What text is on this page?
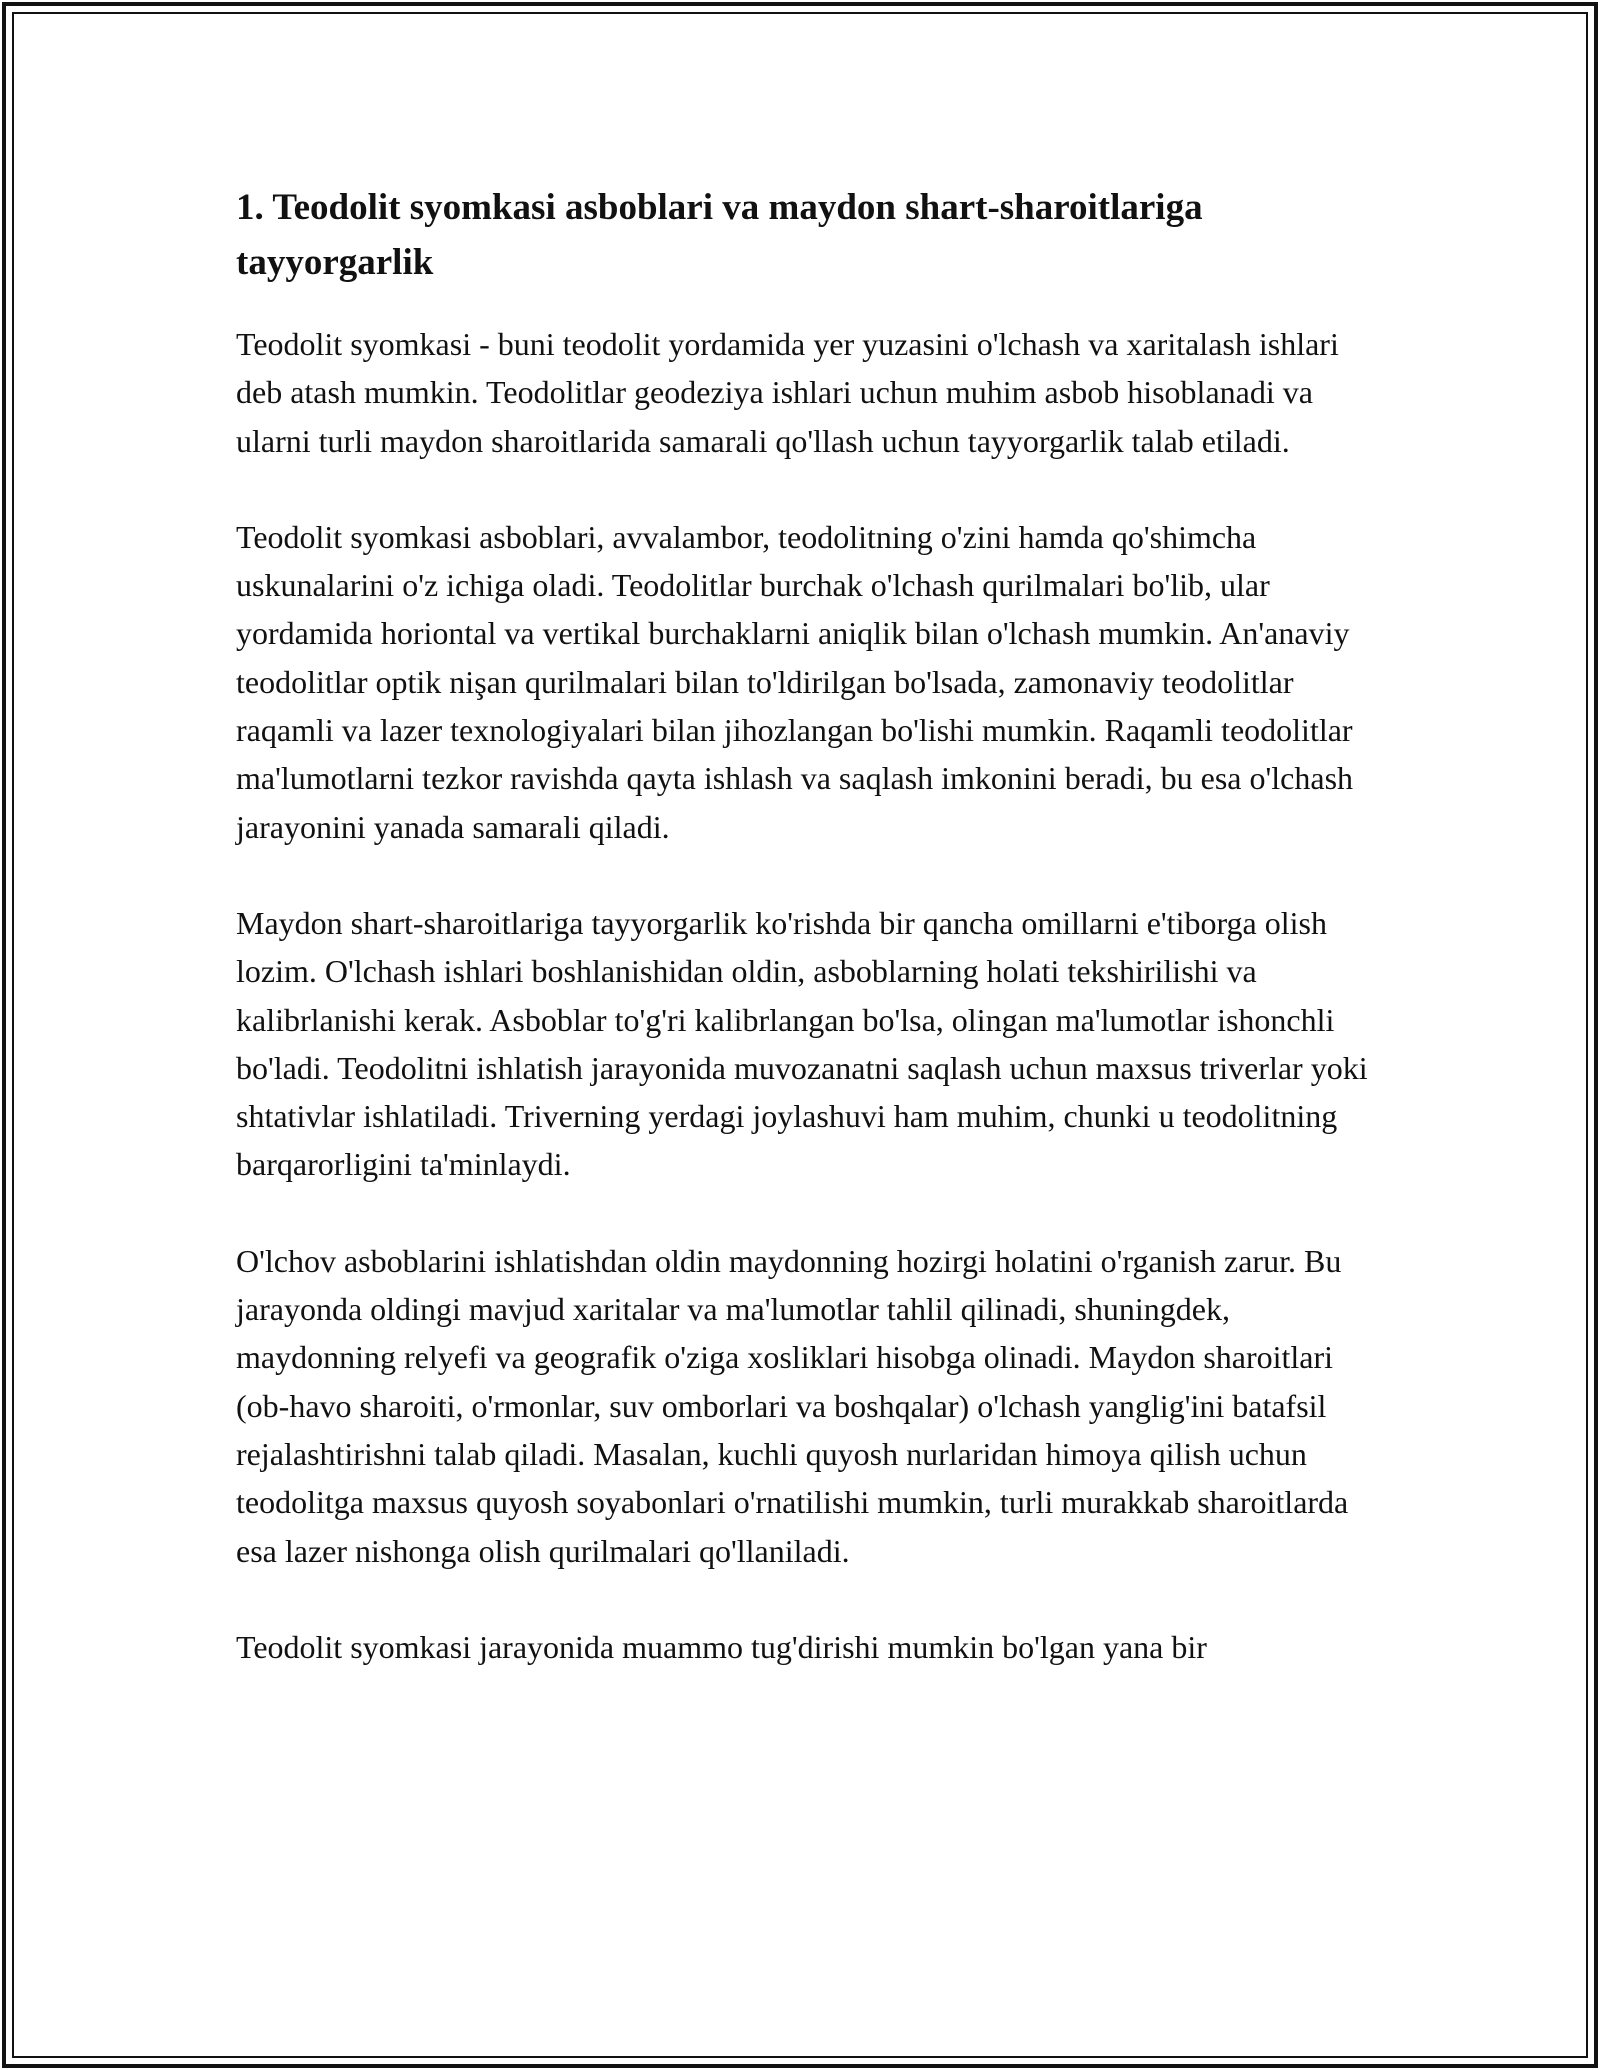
1. Teodolit syomkasi asboblari va maydon shart-sharoitlariga tayyorgarlik

Teodolit syomkasi - buni teodolit yordamida yer yuzasini o'lchash va xaritalash ishlari deb atash mumkin. Teodolitlar geodeziya ishlari uchun muhim asbob hisoblanadi va ularni turli maydon sharoitlarida samarali qo'llash uchun tayyorgarlik talab etiladi.

Teodolit syomkasi asboblari, avvalambor, teodolitning o'zini hamda qo'shimcha uskunalarini o'z ichiga oladi. Teodolitlar burchak o'lchash qurilmalari bo'lib, ular yordamida horiontal va vertikal burchaklarni aniqlik bilan o'lchash mumkin. An'anaviy teodolitlar optik nişan qurilmalari bilan to'ldirilgan bo'lsada, zamonaviy teodolitlar raqamli va lazer texnologiyalari bilan jihozlangan bo'lishi mumkin. Raqamli teodolitlar ma'lumotlarni tezkor ravishda qayta ishlash va saqlash imkonini beradi, bu esa o'lchash jarayonini yanada samarali qiladi.

Maydon shart-sharoitlariga tayyorgarlik ko'rishda bir qancha omillarni e'tiborga olish lozim. O'lchash ishlari boshlanishidan oldin, asboblarning holati tekshirilishi va kalibrlanishi kerak. Asboblar to'g'ri kalibrlangan bo'lsa, olingan ma'lumotlar ishonchli bo'ladi. Teodolitni ishlatish jarayonida muvozanatni saqlash uchun maxsus triverlar yoki shtativlar ishlatiladi. Triverning yerdagi joylashuvi ham muhim, chunki u teodolitning barqarorligini ta'minlaydi.

O'lchov asboblarini ishlatishdan oldin maydonning hozirgi holatini o'rganish zarur. Bu jarayonda oldingi mavjud xaritalar va ma'lumotlar tahlil qilinadi, shuningdek, maydonning relyefi va geografik o'ziga xosliklari hisobga olinadi. Maydon sharoitlari (ob-havo sharoiti, o'rmonlar, suv omborlari va boshqalar) o'lchash yanglig'ini batafsil rejalashtirishni talab qiladi. Masalan, kuchli quyosh nurlaridan himoya qilish uchun teodolitga maxsus quyosh soyabonlari o'rnatilishi mumkin, turli murakkab sharoitlarda esa lazer nishonga olish qurilmalari qo'llaniladi.

Teodolit syomkasi jarayonida muammo tug'dirishi mumkin bo'lgan yana bir
